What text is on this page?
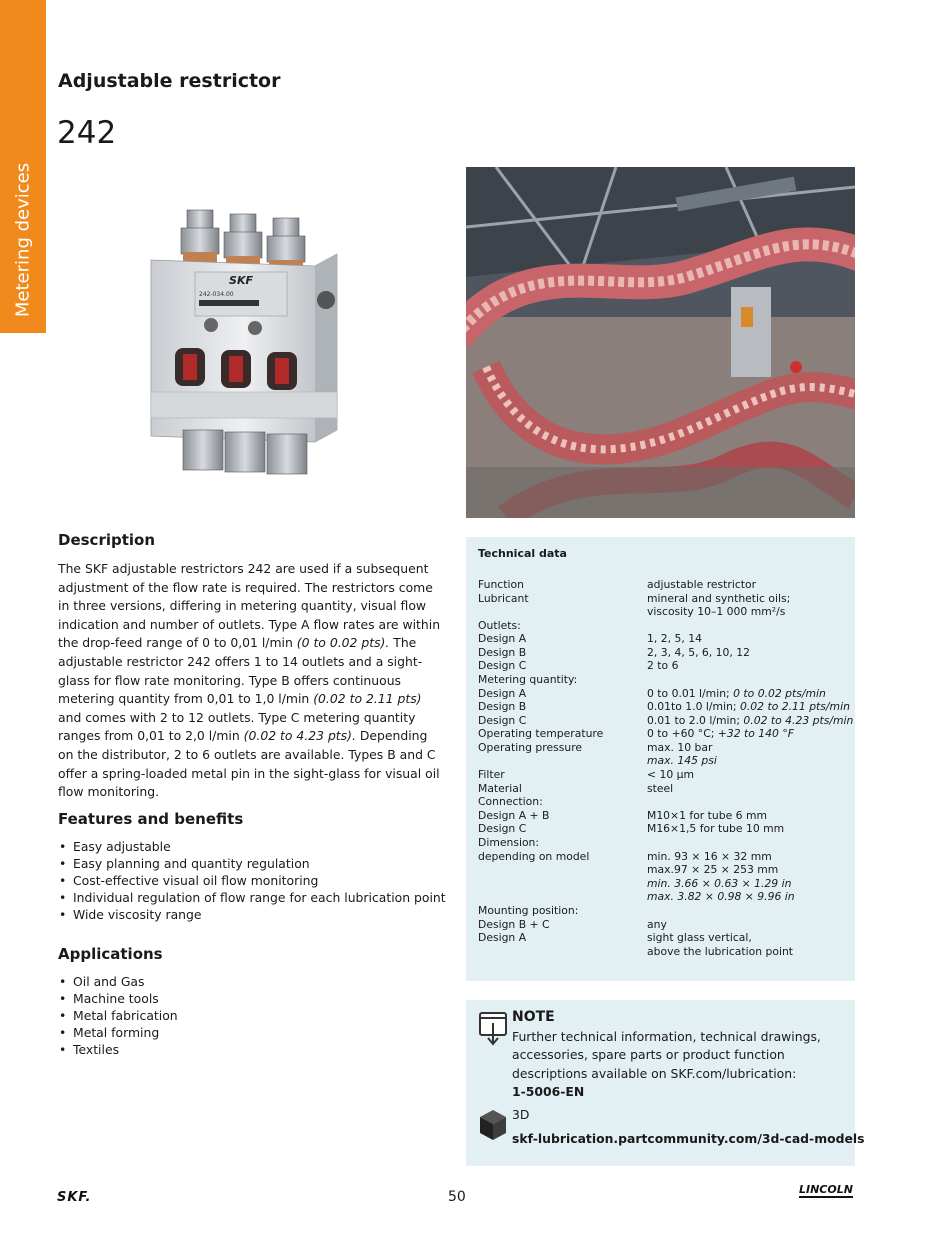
Metering devices
Adjustable restrictor
242
SKF
242-034.00
Description

The SKF adjustable restrictors 242 are used if a subsequent adjustment of the flow rate is required. The restrictors come in three versions, differing in metering quantity, visual flow indication and number of outlets. Type A flow rates are within the drop-feed range of 0 to 0,01 l/min (0 to 0.02 pts). The adjustable restrictor 242 offers 1 to 14 outlets and a sight-glass for flow rate monitoring. Type B offers continuous metering quantity from 0,01 to 1,0 l/min (0.02 to 2.11 pts) and comes with 2 to 12 outlets. Type C metering quantity ranges from 0,01 to 2,0 l/min (0.02 to 4.23 pts). Depending on the distributor, 2 to 6 outlets are available. Types B and C offer a spring-loaded metal pin in the sight-glass for visual oil flow monitoring.

Features and benefits
• Easy adjustable
• Easy planning and quantity regulation
• Cost-effective visual oil flow monitoring
• Individual regulation of flow range for each lubrication point
• Wide viscosity range
Applications
• Oil and Gas
• Machine tools
• Metal fabrication
• Metal forming
• Textiles
Technical data
Function	adjustable restrictor
Lubricant	mineral and synthetic oils;
viscosity 10–1 000 mm²/s
Outlets:
Design A	1, 2, 5, 14
Design B	2, 3, 4, 5, 6, 10, 12
Design C	2 to 6
Metering quantity:
Design A	0 to 0.01 l/min; 0 to 0.02 pts/min
Design B	0.01to 1.0 l/min; 0.02 to 2.11 pts/min
Design C	0.01 to 2.0 l/min; 0.02 to 4.23 pts/min
Operating temperature	0 to +60 °C; +32 to 140 °F
Operating pressure	max. 10 bar
max. 145 psi
Filter	< 10 µm
Material	steel
Connection:
Design A + B	M10×1 for tube 6 mm
Design C	M16×1,5 for tube 10 mm
Dimension:
depending on model	min. 93 × 16 × 32 mm
max.97 × 25 × 253 mm
min. 3.66 × 0.63 × 1.29 in
max. 3.82 × 0.98 × 9.96 in
Mounting position:
Design B + C	any
Design A	sight glass vertical,
above the lubrication point
NOTE
Further technical information, technical drawings, accessories, spare parts or product function descriptions available on SKF.com/lubrication:
1-5006-EN
3D
skf-lubrication.partcommunity.com/3d-cad-models
SKF.	50	LINCOLN
